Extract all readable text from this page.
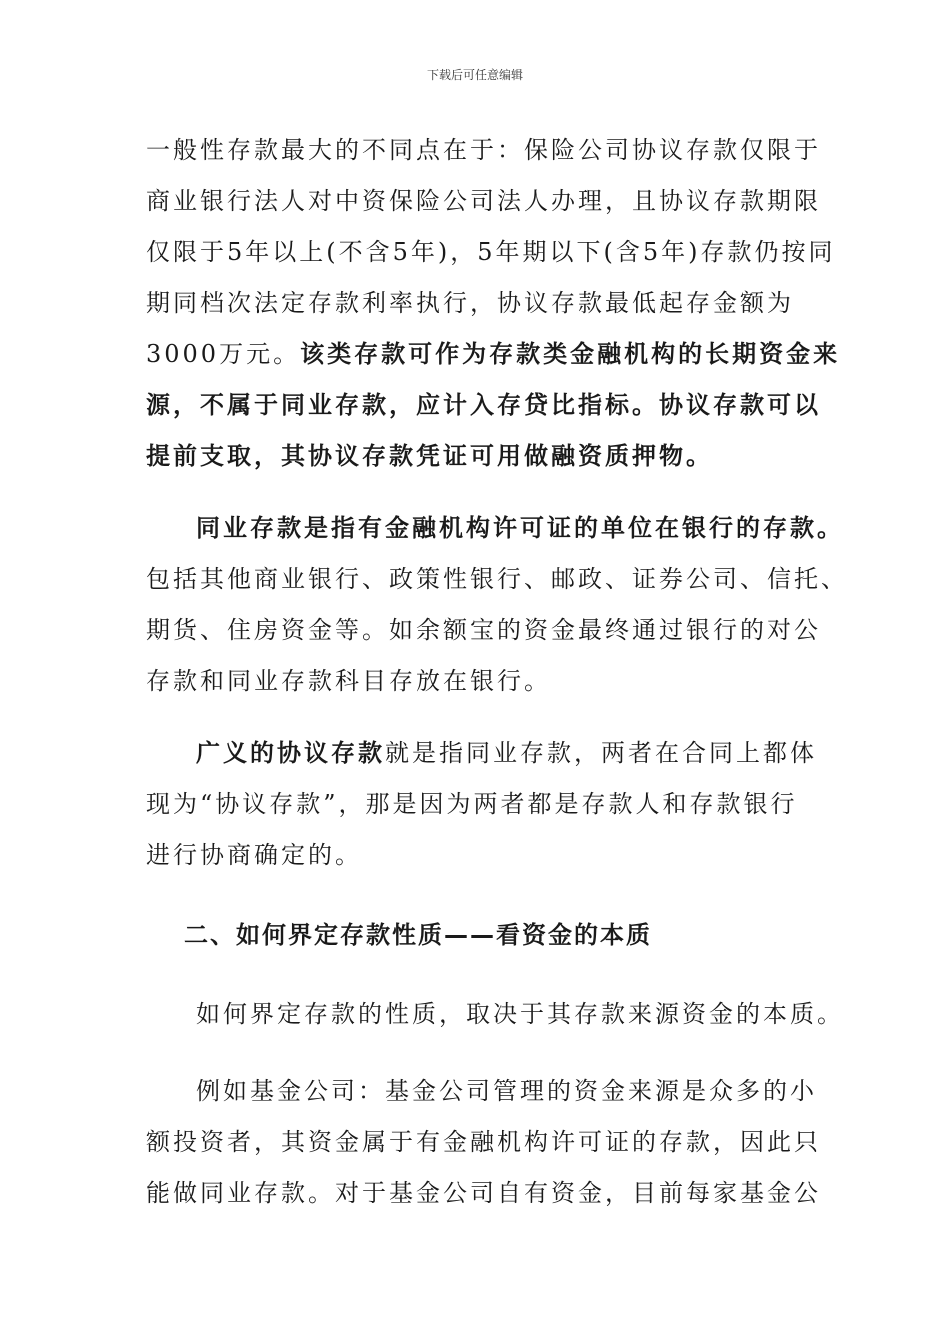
下载后可任意编辑
一般性存款最大的不同点在于：保险公司协议存款仅限于
商业银行法人对中资保险公司法人办理，且协议存款期限
仅限于5年以上(不含5年)，5年期以下(含5年)存款仍按同
期同档次法定存款利率执行，协议存款最低起存金额为
3000万元。该类存款可作为存款类金融机构的长期资金来
源，不属于同业存款，应计入存贷比指标。协议存款可以
提前支取，其协议存款凭证可用做融资质押物。
同业存款是指有金融机构许可证的单位在银行的存款。
包括其他商业银行、政策性银行、邮政、证券公司、信托、
期货、住房资金等。如余额宝的资金最终通过银行的对公
存款和同业存款科目存放在银行。
广义的协议存款就是指同业存款，两者在合同上都体
现为“协议存款”，那是因为两者都是存款人和存款银行
进行协商确定的。
二、如何界定存款性质——看资金的本质
如何界定存款的性质，取决于其存款来源资金的本质。
例如基金公司：基金公司管理的资金来源是众多的小
额投资者，其资金属于有金融机构许可证的存款，因此只
能做同业存款。对于基金公司自有资金，目前每家基金公
